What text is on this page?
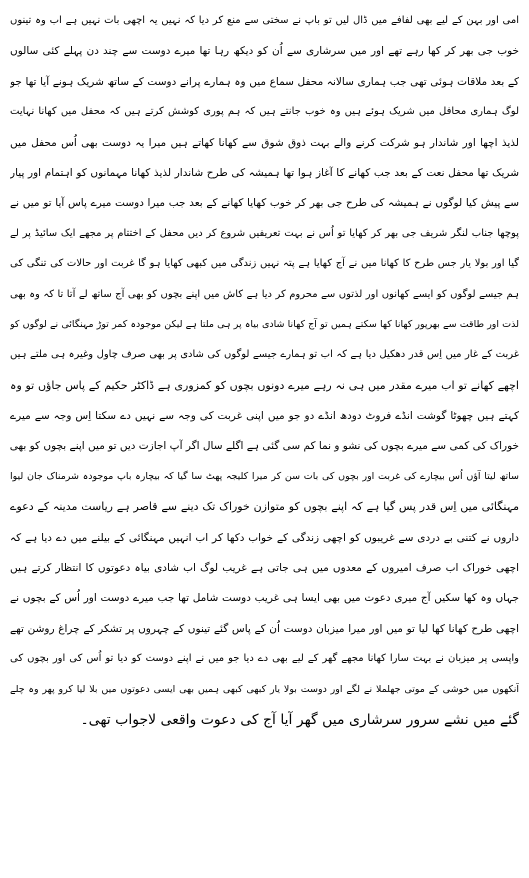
امی اور بہن کے لیے بھی لفافے میں ڈال لیں تو باپ نے سختی سے منع کر دیا کہ نہیں یہ اچھی بات نہیں ہے اب وہ تینوں
خوب جی بھر کر کھا رہے تھے اور میں سرشاری سے اُن کو دیکھ رہا تھا میرے دوست سے چند دن پہلے کئی سالوں
کے بعد ملاقات ہوئی تھی جب ہماری سالانہ محفل سماع میں وہ ہمارے پرانے دوست کے ساتھ شریک ہونے آیا تھا جو
لوگ ہماری محافل میں شریک ہوئے ہیں وہ خوب جانتے ہیں کہ ہم پوری کوشش کرتے ہیں کہ محفل میں کھانا نہایت
لذیذ اچھا اور شاندار ہو شرکت کرنے والے بہت ذوق شوق سے کھانا کھاتے ہیں میرا یہ دوست بھی اُس محفل میں
شریک تھا محفل نعت کے بعد جب کھانے کا آغاز ہوا تھا ہمیشہ کی طرح شاندار لذیذ کھانا مہمانوں کو اہتمام اور پیار
سے پیش کیا لوگوں نے ہمیشہ کی طرح جی بھر کر خوب کھایا کھانے کے بعد جب میرا دوست میرے پاس آیا تو میں نے
پوچھا جناب لنگر شریف جی بھر کر کھایا تو اُس نے بہت تعریفیں شروع کر دیں محفل کے اختتام پر مجھے ایک سائیڈ پر لے
گیا اور بولا یار جس طرح کا کھانا میں نے آج کھایا ہے پتہ نہیں زندگی میں کبھی کھایا ہو گا غربت اور حالات کی تنگی کی
ہم جیسے لوگوں کو ایسے کھانوں اور لذتوں سے محروم کر دیا ہے کاش میں اپنے بچوں کو بھی آج ساتھ لے آتا تا کہ وہ بھی
لذت اور طاقت سے بھرپور کھانا کھا سکتے ہمیں تو آج کھانا شادی بیاہ پر ہی ملتا ہے لیکن موجودہ کمر توڑ مہنگائی نے لوگوں کو
غربت کے غار میں اِس قدر دھکیل دیا ہے کہ اب تو ہمارے جیسے لوگوں کی شادی پر بھی صرف چاول وغیرہ ہی ملتے ہیں
اچھے کھانے تو اب میرے مقدر میں ہی نہ رہے میرے دونوں بچوں کو کمزوری ہے ڈاکٹر حکیم کے پاس جاؤں تو وہ
کہتے ہیں چھوٹا گوشت انڈے فروٹ دودھ انڈے دو جو میں اپنی غربت کی وجہ سے نہیں دے سکتا اِس وجہ سے میرے
خوراک کی کمی سے میرے بچوں کی نشو و نما کم سی گئی ہے اگلے سال اگر آپ اجازت دیں تو میں اپنے بچوں کو بھی
ساتھ لیتا آؤں اُس بیچارے کی غربت اور بچوں کی بات سن کر میرا کلیجہ پھٹ سا گیا کہ بیچارہ باپ موجودہ شرمناک جان لیوا
مہنگائی میں اِس قدر پس گیا ہے کہ اپنے بچوں کو متوازن خوراک تک دینے سے قاصر ہے ریاست مدینہ کے دعوے
داروں نے کتنی بے دردی سے غریبوں کو اچھی زندگی کے خواب دکھا کر اب انہیں مہنگائی کے بیلنے میں دے دیا ہے کہ
اچھی خوراک اب صرف امیروں کے معدوں میں ہی جاتی ہے غریب لوگ اب شادی بیاہ دعوتوں کا انتظار کرتے ہیں
جہاں وہ کھا سکیں آج میری دعوت میں بھی ایسا ہی غریب دوست شامل تھا جب میرے دوست اور اُس کے بچوں نے
اچھی طرح کھانا کھا لیا تو میں اور میرا میزبان دوست اُن کے پاس گئے تینوں کے چہروں پر تشکر کے چراغ روشن تھے
واپسی پر میزبان نے بہت سارا کھانا مجھے گھر کے لیے بھی دے دیا جو میں نے اپنے دوست کو دیا تو اُس کی اور بچوں کی
آنکھوں میں خوشی کے موتی جھلملا نے لگے اور دوست بولا یار کبھی کبھی ہمیں بھی ایسی دعوتوں میں بلا لیا کرو پھر وہ چلے
گئے میں نشے سرور سرشاری میں گھر آیا آج کی دعوت واقعی لاجواب تھی۔
